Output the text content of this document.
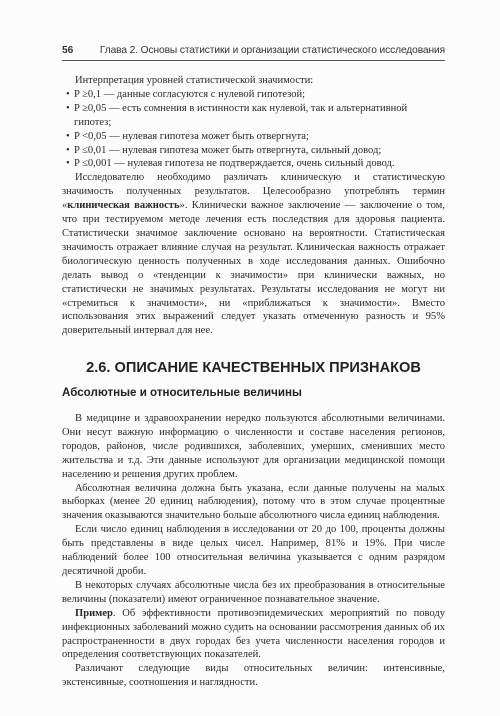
56	Глава 2. Основы статистики и организации статистического исследования

Интерпретация уровней статистической значимости:

• P ≥0,1 — данные согласуются с нулевой гипотезой;
• P ≥0,05 — есть сомнения в истинности как нулевой, так и альтернативной
гипотез;
• P <0,05 — нулевая гипотеза может быть отвергнута;
• P ≤0,01 — нулевая гипотеза может быть отвергнута, сильный довод;
• P ≤0,001 — нулевая гипотеза не подтверждается, очень сильный довод.

Исследователю необходимо различать клиническую и статистическую значимость полученных результатов. Целесообразно употреблять термин «клиническая важность». Клинически важное заключение — заключение о том, что при тестируемом методе лечения есть последствия для здоровья пациента. Статистически значимое заключение основано на вероятности. Статистическая значимость отражает влияние случая на результат. Клиническая важность отражает биологическую ценность полученных в ходе исследования данных. Ошибочно делать вывод о «тенденции к значимости» при клинически важных, но статистически не значимых результатах. Результаты исследования не могут ни «стремиться к значимости», ни «приближаться к значимости». Вместо использования этих выражений следует указать отмеченную разность и 95% доверительный интервал для нее.

2.6. ОПИСАНИЕ КАЧЕСТВЕННЫХ ПРИЗНАКОВ
Абсолютные и относительные величины

В медицине и здравоохранении нередко пользуются абсолютными величинами. Они несут важную информацию о численности и составе населения регионов, городов, районов, числе родившихся, заболевших, умерших, сменивших место жительства и т.д. Эти данные используют для организации медицинской помощи населению и решения других проблем.

Абсолютная величина должна быть указана, если данные получены на малых выборках (менее 20 единиц наблюдения), потому что в этом случае процентные значения оказываются значительно больше абсолютного числа единиц наблюдения.

Если число единиц наблюдения в исследовании от 20 до 100, проценты должны быть представлены в виде целых чисел. Например, 81% и 19%. При числе наблюдений более 100 относительная величина указывается с одним разрядом десятичной дроби.

В некоторых случаях абсолютные числа без их преобразования в относительные величины (показатели) имеют ограниченное познавательное значение.

Пример. Об эффективности противоэпидемических мероприятий по поводу инфекционных заболеваний можно судить на основании рассмотрения данных об их распространенности в двух городах без учета численности населения городов и определения соответствующих показателей.

Различают следующие виды относительных величин: интенсивные, экстенсивные, соотношения и наглядности.
